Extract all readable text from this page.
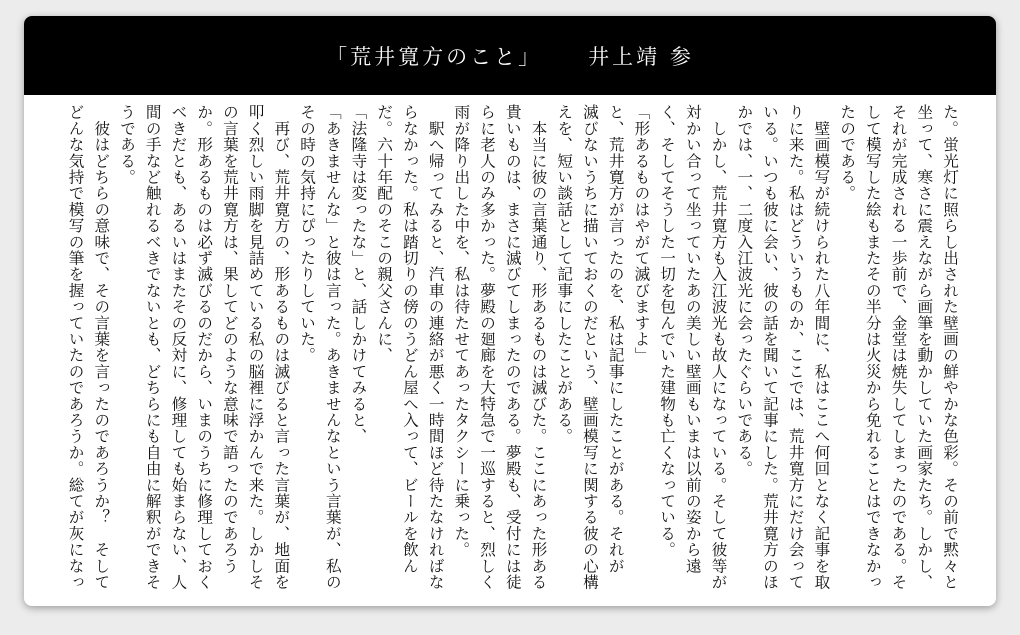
「荒井寛方のこと」 井上靖 参
た。蛍光灯に照らし出された壁画の鮮やかな色彩。その前で黙々と
坐って、寒さに震えながら画筆を動かしていた画家たち。しかし、
それが完成される一歩前で、金堂は焼失してしまったのである。そ
して模写した絵もまたその半分は火災から免れることはできなかっ
たのである。
　壁画模写が続けられた八年間に、私はここへ何回となく記事を取
りに来た。私はどういうものか、ここでは、荒井寛方にだけ会って
いる。いつも彼に会い、彼の話を聞いて記事にした。荒井寛方のほ
かでは、一、二度入江波光に会ったぐらいである。
　しかし、荒井寛方も入江波光も故人になっている。そして彼等が
対かい合って坐っていたあの美しい壁画もいまは以前の姿から遠
く、そしてそうした一切を包んでいた建物も亡くなっている。
「形あるものはやがて滅びますよ」
と、荒井寛方が言ったのを、私は記事にしたことがある。それが
滅びないうちに描いておくのだという、壁画模写に関する彼の心構
えを、短い談話として記事にしたことがある。
　本当に彼の言葉通り、形あるものは滅びた。ここにあった形ある
貴いものは、まさに滅びてしまったのである。夢殿も、受付には徒
らに老人のみ多かった。夢殿の廻廊を大特急で一巡すると、烈しく
雨が降り出した中を、私は待たせてあったタクシーに乗った。
　駅へ帰ってみると、汽車の連絡が悪く一時間ほど待たなければな
らなかった。私は踏切りの傍のうどん屋へ入って、ビールを飲ん
だ。六十年配のそこの親父さんに、
「法隆寺は変ったな」と、話しかけてみると、
「あきませんな」と彼は言った。あきませんなという言葉が、私の
その時の気持にぴったりしていた。
　再び、荒井寛方の、形あるものは滅びると言った言葉が、地面を
叩く烈しい雨脚を見詰めている私の脳裡に浮かんで来た。しかしそ
の言葉を荒井寛方は、果してどのような意味で語ったのであろう
か。形あるものは必ず滅びるのだから、いまのうちに修理しておく
べきだとも、あるいはまたその反対に、修理しても始まらない、人
間の手など触れるべきでないとも、どちらにも自由に解釈ができそ
うである。
　彼はどちらの意味で、その言葉を言ったのであろうか？　そして
どんな気持で模写の筆を握っていたのであろうか。総てが灰になっ
